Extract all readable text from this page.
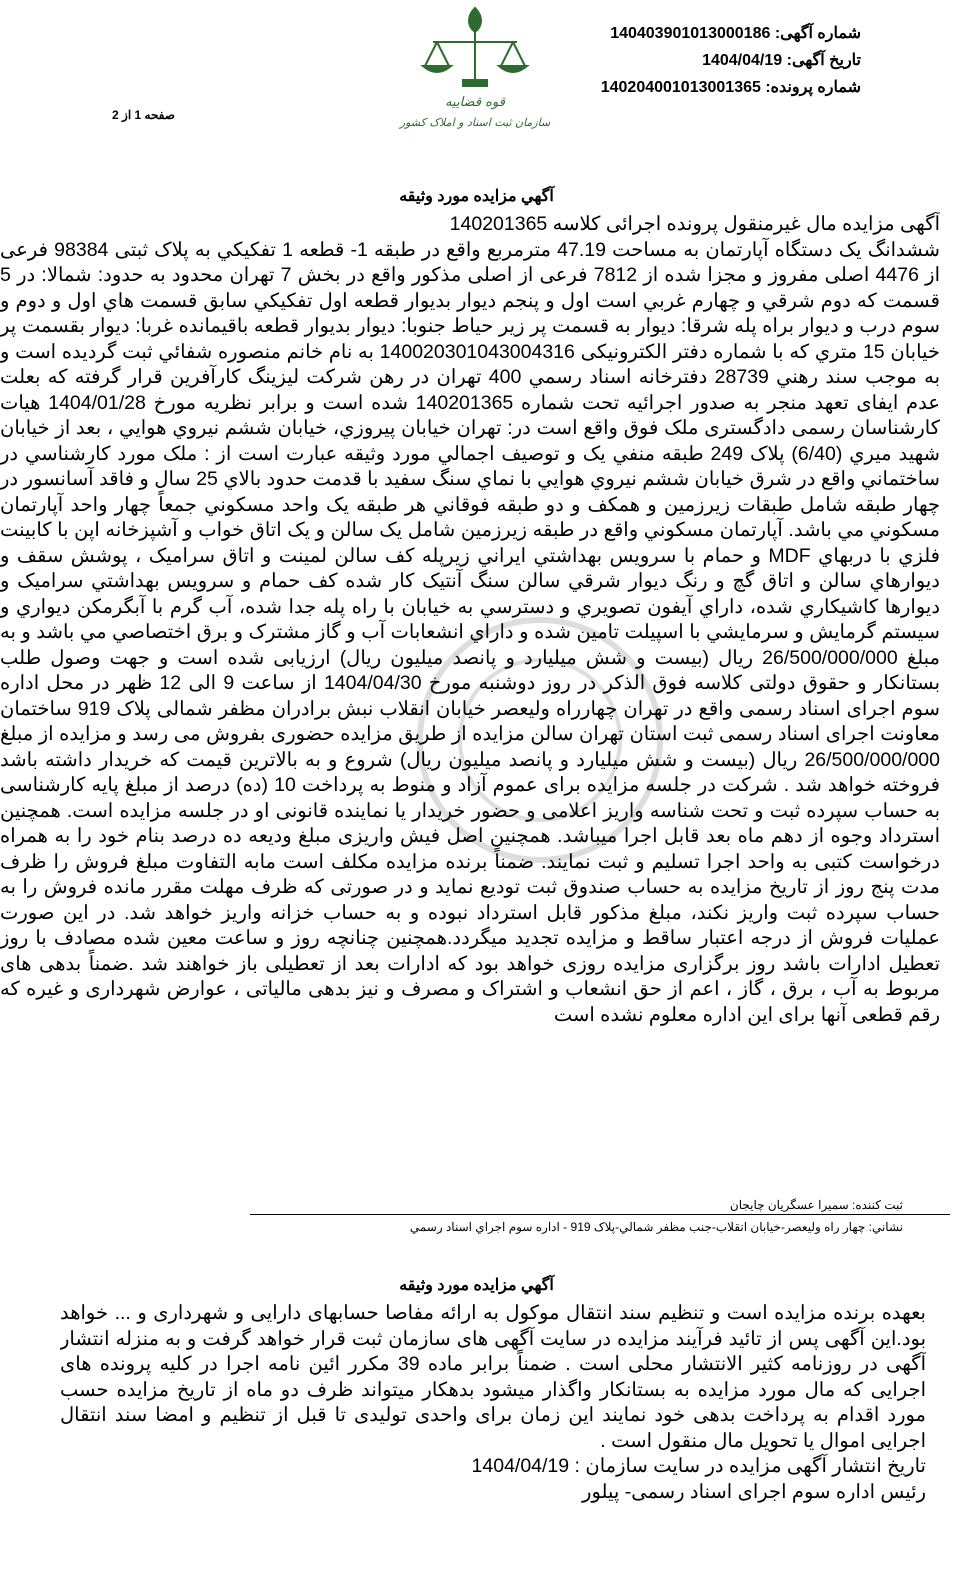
شماره آگهی: 140403901013000186
تاریخ آگهی: 1404/04/19
شماره پرونده: 140204001013001365
قوه قضاییه
سازمان ثبت اسناد و املاک کشور
صفحه 1 از 2
آگهي مزايده مورد وثيقه

آگهی مزایده مال غیرمنقول پرونده اجرائی کلاسه 140201365
ششدانگ يک دستگاه آپارتمان به مساحت 47.19 مترمربع واقع در طبقه 1- قطعه 1 تفکيکي به پلاک ثبتی 98384 فرعی از 4476 اصلی مفروز و مجزا شده از 7812 فرعی از اصلی مذکور واقع در بخش 7 تهران محدود به حدود: شمالا: در 5 قسمت كه دوم شرقي و چهارم غربي است اول و پنجم ديوار بديوار قطعه اول تفکيکي سابق قسمت هاي اول و دوم و سوم درب و ديوار براه پله شرقا: ديوار به قسمت پر زير حياط جنوبا: ديوار بديوار قطعه باقيمانده غربا: ديوار بقسمت پر خيابان 15 متري كه با شماره دفتر الکترونيکی 140020301043004316 به نام خانم منصوره شفائي ثبت گرديده است و به موجب سند رهني 28739 دفترخانه اسناد رسمي 400 تهران در رهن شرکت ليزينگ کارآفرين قرار گرفته که بعلت عدم ايفای تعهد منجر به صدور اجرائيه تحت شماره 140201365 شده است و برابر نظريه مورخ 1404/01/28 هيات کارشناسان رسمی دادگستری ملک فوق واقع است در: تهران خيابان پيروزي، خيابان ششم نيروي هوايي ، بعد از خيابان شهيد ميري (6/40) پلاک 249 طبقه منفي يک و توصيف اجمالي مورد وثيقه عبارت است از : ملک مورد کارشناسي در ساختماني واقع در شرق خيابان ششم نيروي هوايي با نماي سنگ سفيد با قدمت حدود بالاي 25 سال و فاقد آسانسور در چهار طبقه شامل طبقات زيرزمين و همکف و دو طبقه فوقاني هر طبقه يک واحد مسکوني جمعاً چهار واحد آپارتمان مسکوني مي باشد. آپارتمان مسکوني واقع در طبقه زيرزمين شامل يک سالن و يک اتاق خواب و آشپزخانه اپن با کابينت فلزي با دربهاي MDF و حمام با سرويس بهداشتي ايراني زيرپله کف سالن لمينت و اتاق سراميک ، پوشش سقف و ديوارهاي سالن و اتاق گچ و رنگ ديوار شرقي سالن سنگ آنتيک کار شده کف حمام و سرويس بهداشتي سراميک و ديوارها کاشيکاري شده، داراي آيفون تصويري و دسترسي به خيابان با راه پله جدا شده، آب گرم با آبگرمکن ديواري و سيستم گرمايش و سرمايشي با اسپيلت تامين شده و داراي انشعابات آب و گاز مشترک و برق اختصاصي مي باشد و به مبلغ 26/500/000/000 ريال (بيست و شش ميليارد و پانصد ميليون ريال) ارزيابی شده است و جهت وصول طلب بستانکار و حقوق دولتی کلاسه فوق الذکر در روز دوشنبه مورخ 1404/04/30 از ساعت 9 الی 12 ظهر در محل اداره سوم اجرای اسناد رسمی واقع در تهران چهارراه وليعصر خيابان انقلاب نبش برادران مظفر شمالی پلاک 919 ساختمان معاونت اجرای اسناد رسمی ثبت استان تهران سالن مزايده از طريق مزايده حضوری بفروش می رسد و مزايده از مبلغ 26/500/000/000 ريال (بيست و شش ميليارد و پانصد ميليون ريال) شروع و به بالاترين قيمت که خريدار داشته باشد فروخته خواهد شد . شرکت در جلسه مزايده برای عموم آزاد و منوط به پرداخت 10 (ده) درصد از مبلغ پايه کارشناسی به حساب سپرده ثبت و تحت شناسه واريز اعلامی و حضور خريدار يا نماينده قانونی او در جلسه مزايده است. همچنين استرداد وجوه از دهم ماه بعد قابل اجرا ميباشد. همچنين اصل فيش واريزی مبلغ وديعه ده درصد بنام خود را به همراه درخواست کتبی به واحد اجرا تسليم و ثبت نمايند. ضمناً برنده مزايده مکلف است مابه التفاوت مبلغ فروش را ظرف مدت پنج روز از تاريخ مزايده به حساب صندوق ثبت توديع نمايد و در صورتی که ظرف مهلت مقرر مانده فروش را به حساب سپرده ثبت واريز نکند، مبلغ مذکور قابل استرداد نبوده و به حساب خزانه واريز خواهد شد. در اين صورت عمليات فروش از درجه اعتبار ساقط و مزايده تجديد ميگردد.همچنين چنانچه روز و ساعت معين شده مصادف با روز تعطيل ادارات باشد روز برگزاری مزايده روزی خواهد بود که ادارات بعد از تعطيلی باز خواهند شد .ضمناً بدهی های مربوط به آب ، برق ، گاز ، اعم از حق انشعاب و اشتراک و مصرف و نيز بدهی مالياتی ، عوارض شهرداری و غيره که رقم قطعی آنها برای اين اداره معلوم نشده است

ثبت کننده: سميرا عسگريان چايجان
نشاني: چهار راه وليعصر-خيابان انقلاب-جنب مظفر شمالي-پلاک 919 - اداره سوم اجراي اسناد رسمي
آگهي مزايده مورد وثيقه

بعهده برنده مزايده است و تنظيم سند انتقال موکول به ارائه مفاصا حسابهای دارايی و شهرداری و ... خواهد بود.اين آگهی پس از تائيد فرآيند مزايده در سايت آگهی های سازمان ثبت قرار خواهد گرفت و به منزله انتشار آگهی در روزنامه کثير الانتشار محلی است . ضمناً برابر ماده 39 مکرر ائين نامه اجرا در کليه پرونده های اجرايی که مال مورد مزايده به بستانکار واگذار ميشود بدهکار ميتواند ظرف دو ماه از تاريخ مزايده حسب مورد اقدام به پرداخت بدهی خود نمايند اين زمان برای واحدی توليدی تا قبل از تنظيم و امضا سند انتقال اجرايی اموال يا تحويل مال منقول است .
تاريخ انتشار آگهی مزايده در سايت سازمان : 1404/04/19
رئيس اداره سوم اجرای اسناد رسمی- پيلور
